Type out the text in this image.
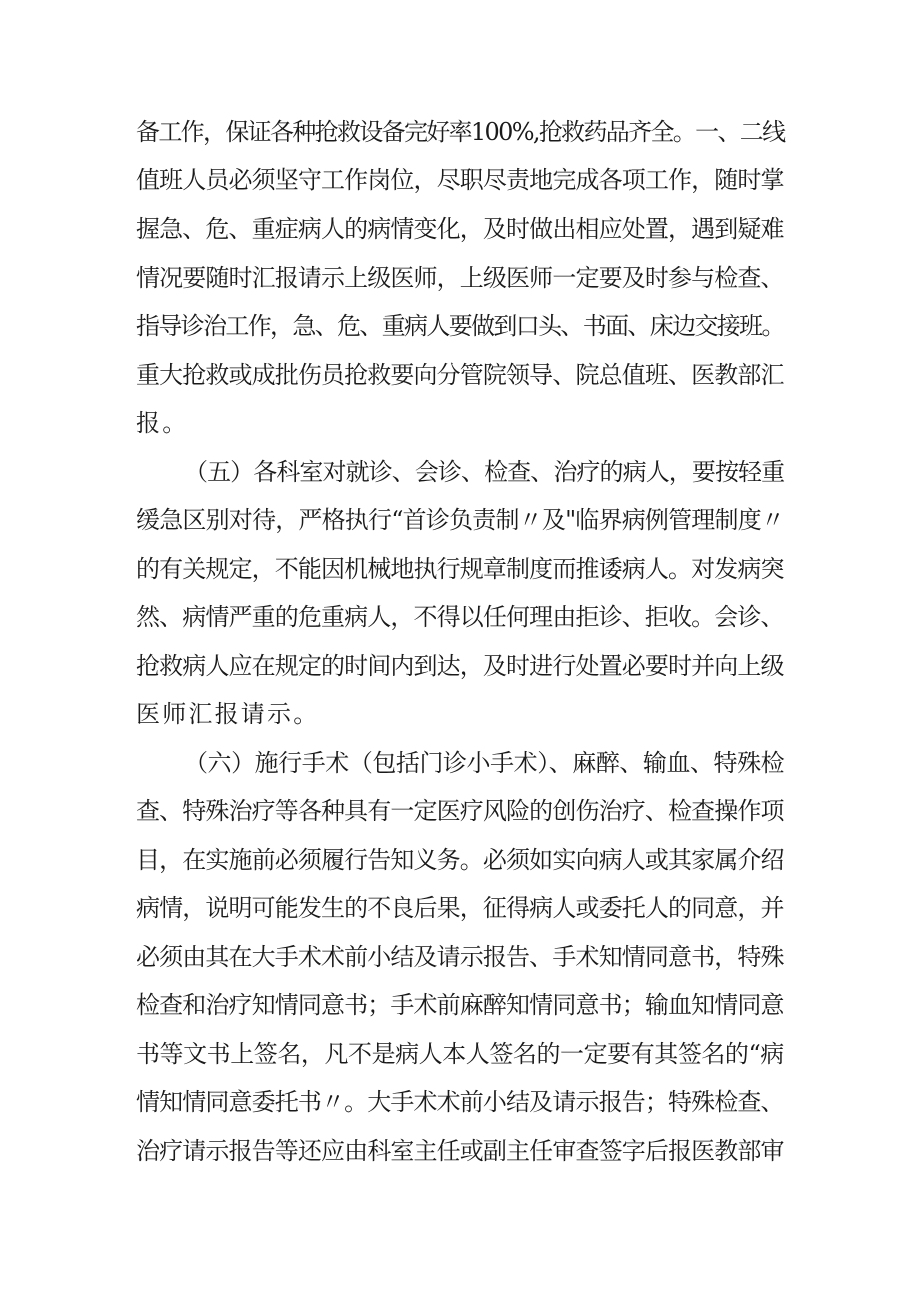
备工作，保证各种抢救设备完好率100%,抢救药品齐全。一、二线
值班人员必须坚守工作岗位，尽职尽责地完成各项工作，随时掌
握急、危、重症病人的病情变化，及时做出相应处置，遇到疑难
情况要随时汇报请示上级医师，上级医师一定要及时参与检查、
指导诊治工作，急、危、重病人要做到口头、书面、床边交接班。
重大抢救或成批伤员抢救要向分管院领导、院总值班、医教部汇
报。
（五）各科室对就诊、会诊、检查、治疗的病人，要按轻重
缓急区别对待，严格执行“首诊负责制〃及"临界病例管理制度〃
的有关规定，不能因机械地执行规章制度而推诿病人。对发病突
然、病情严重的危重病人，不得以任何理由拒诊、拒收。会诊、
抢救病人应在规定的时间内到达，及时进行处置必要时并向上级
医师汇报请示。
（六）施行手术（包括门诊小手术）、麻醉、输血、特殊检
查、特殊治疗等各种具有一定医疗风险的创伤治疗、检查操作项
目，在实施前必须履行告知义务。必须如实向病人或其家属介绍
病情，说明可能发生的不良后果，征得病人或委托人的同意，并
必须由其在大手术术前小结及请示报告、手术知情同意书，特殊
检查和治疗知情同意书；手术前麻醉知情同意书；输血知情同意
书等文书上签名，凡不是病人本人签名的一定要有其签名的“病
情知情同意委托书〃。大手术术前小结及请示报告；特殊检查、
治疗请示报告等还应由科室主任或副主任审查签字后报医教部审
